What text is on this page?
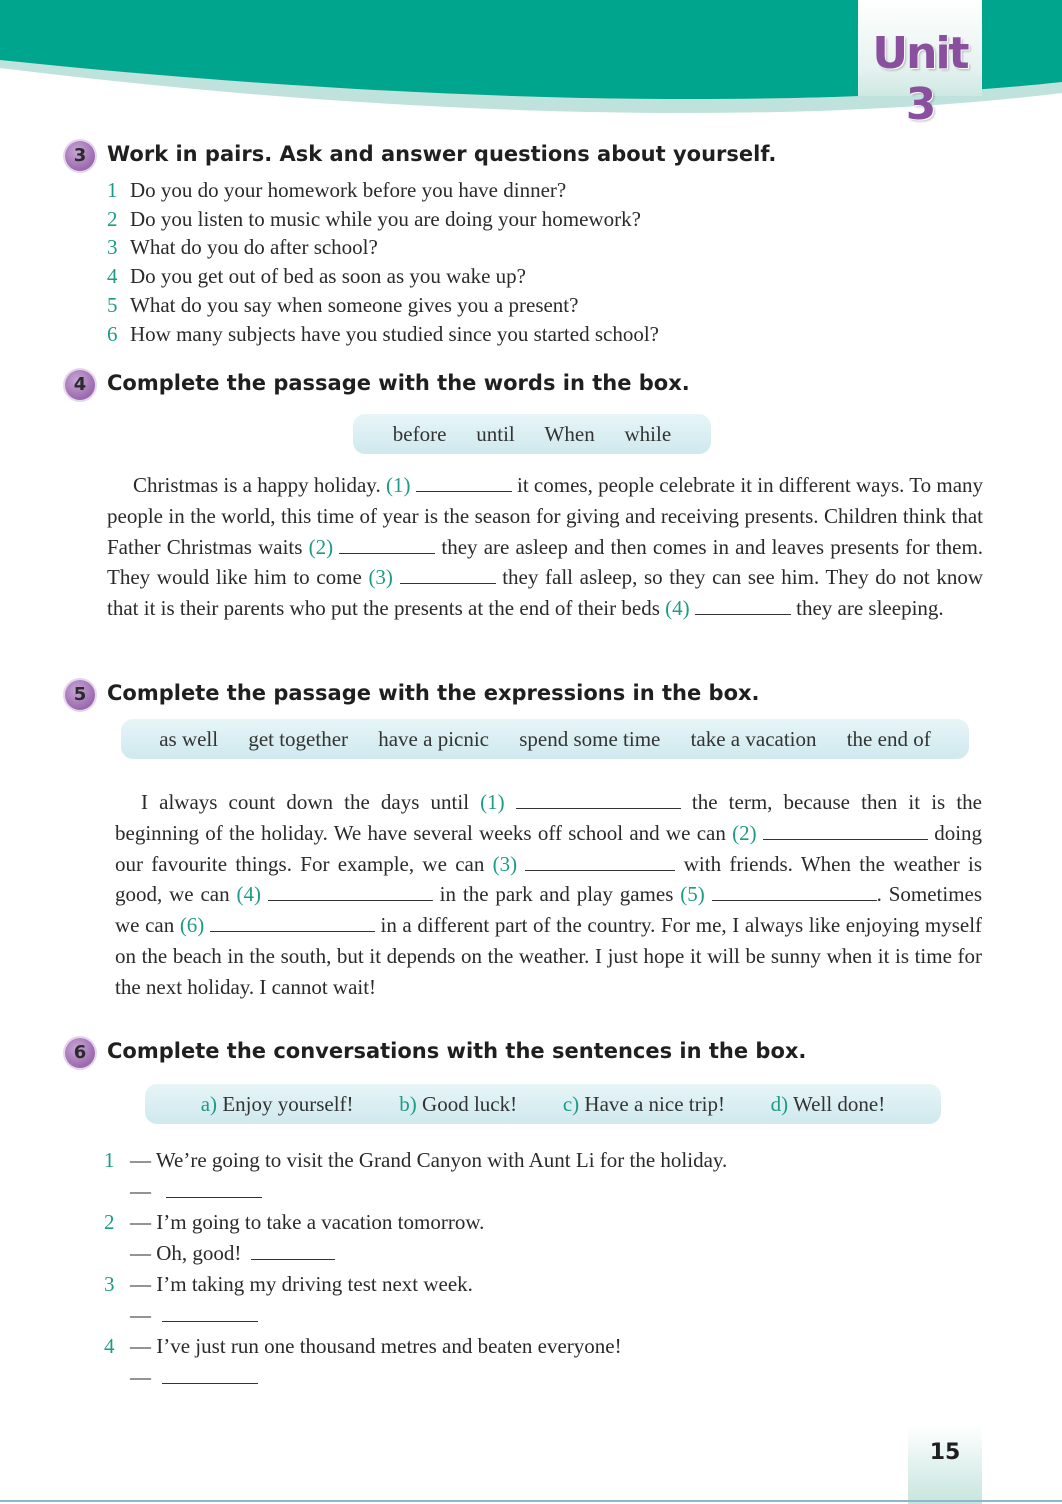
Unit 3
3 Work in pairs. Ask and answer questions about yourself.
1 Do you do your homework before you have dinner?
2 Do you listen to music while you are doing your homework?
3 What do you do after school?
4 Do you get out of bed as soon as you wake up?
5 What do you say when someone gives you a present?
6 How many subjects have you studied since you started school?
4 Complete the passage with the words in the box.
before until When while

Christmas is a happy holiday. (1)	it comes, people celebrate it in different ways. To many people in the world, this time of year is the season for giving and receiving presents. Children think that Father Christmas waits (2)	they are asleep and then comes in and leaves presents for them. They would like him to come (3)	they fall asleep, so they can see him. They do not know that it is their parents who put the presents at the end of their beds (4)	they are sleeping.

5 Complete the passage with the expressions in the box.
as well get together have a picnic spend some time take a vacation the end of

I always count down the days until (1)	the term, because then it is the beginning of the holiday. We have several weeks off school and we can (2)	doing our favourite things. For example, we can (3)	with friends. When the weather is good, we can (4)	in the park and play games (5)	. Sometimes we can (6)	in a different part of the country. For me, I always like enjoying myself on the beach in the south, but it depends on the weather. I just hope it will be sunny when it is time for the next holiday. I cannot wait!

6 Complete the conversations with the sentences in the box.
a) Enjoy yourself! b) Good luck! c) Have a nice trip! d) Well done!
1 — We’re going to visit the Grand Canyon with Aunt Li for the holiday.
—
2 — I’m going to take a vacation tomorrow.
— Oh, good!
3 — I’m taking my driving test next week.
—
4 — I’ve just run one thousand metres and beaten everyone!
—
15
